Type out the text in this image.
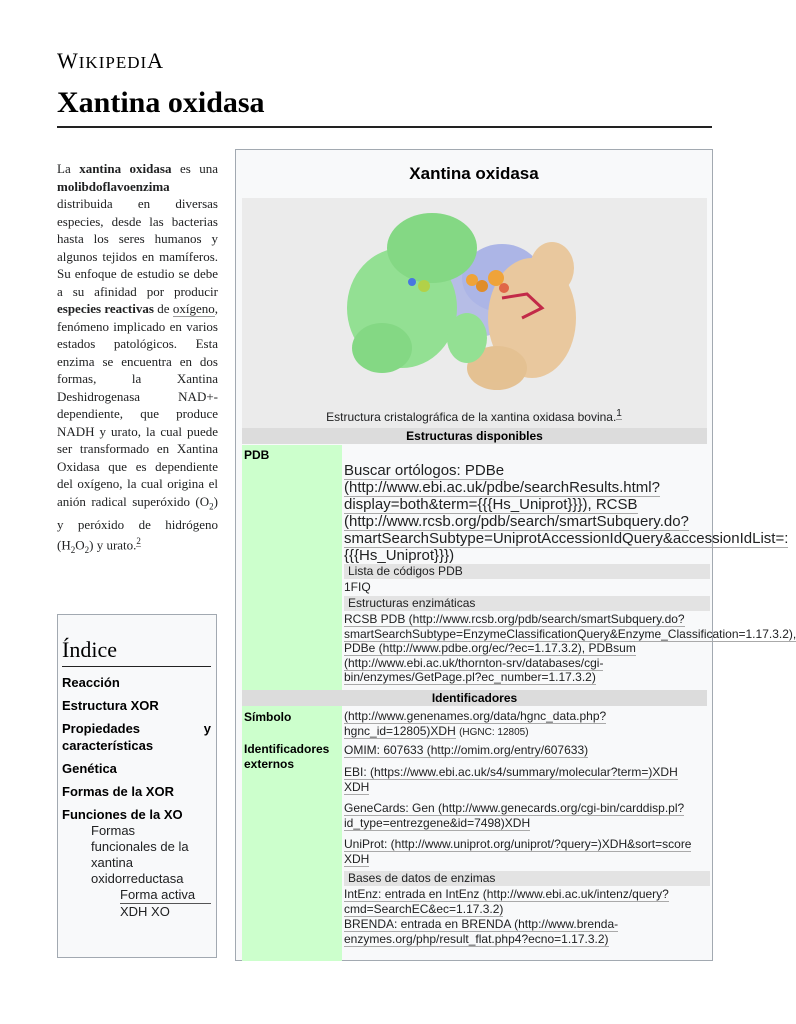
WIKIPEDIA
Xantina oxidasa
La xantina oxidasa es una molibdoflavoenzima distribuida en diversas especies, desde las bacterias hasta los seres humanos y algunos tejidos en mamíferos. Su enfoque de estudio se debe a su afinidad por producir especies reactivas de oxígeno, fenómeno implicado en varios estados patológicos. Esta enzima se encuentra en dos formas, la Xantina Deshidrogenasa NAD+-dependiente, que produce NADH y urato, la cual puede ser transformado en Xantina Oxidasa que es dependiente del oxígeno, la cual origina el anión radical superóxido $(O_2)$ y peróxido de hidrógeno $(H_2O_2)$ y urato.$^2$
Índice
Reacción
Estructura XOR
Propiedades	y
características
Genética
Formas de la XOR
Funciones de la XO
Formas
funcionales de la
xantina
oxidorreductasa
Forma activa
XDH XO
Xantina oxidasa
Estructura cristalográfica de la xantina oxidasa bovina.$^1$
Estructuras disponibles
PDB
Buscar ortólogos: PDBe (http://www.ebi.ac.uk/pdbe/searchResults.html?display=both&term={{{Hs_Uniprot}}}), RCSB (http://www.rcsb.org/pdb/search/smartSubquery.do?smartSearchSubtype=UniprotAccessionIdQuery&accessionIdList=:{{{Hs_Uniprot}}})
Lista de códigos PDB
1FIQ
Estructuras enzimáticas
RCSB PDB (http://www.rcsb.org/pdb/search/smartSubquery.do?smartSearchSubtype=EnzymeClassificationQuery&Enzyme_Classification=1.17.3.2), PDBe (http://www.pdbe.org/ec/?ec=1.17.3.2), PDBsum (http://www.ebi.ac.uk/thornton-srv/databases/cgi-bin/enzymes/GetPage.pl?ec_number=1.17.3.2)
Identificadores
Símbolo	(http://www.genenames.org/data/hgnc_data.php?hgnc_id=12805)XDH (HGNC: 12805)
Identificadores externos
OMIM: 607633 (http://omim.org/entry/607633)
EBI: (https://www.ebi.ac.uk/s4/summary/molecular?term=)XDH XDH
GeneCards: Gen (http://www.genecards.org/cgi-bin/carddisp.pl?id_type=entrezgene&id=7498)XDH
UniProt: (http://www.uniprot.org/uniprot/?query=)XDH&sort=score XDH
Bases de datos de enzimas
IntEnz: entrada en IntEnz (http://www.ebi.ac.uk/intenz/query?cmd=SearchEC&ec=1.17.3.2)
BRENDA: entrada en BRENDA (http://www.brenda-enzymes.org/php/result_flat.php4?ecno=1.17.3.2)
